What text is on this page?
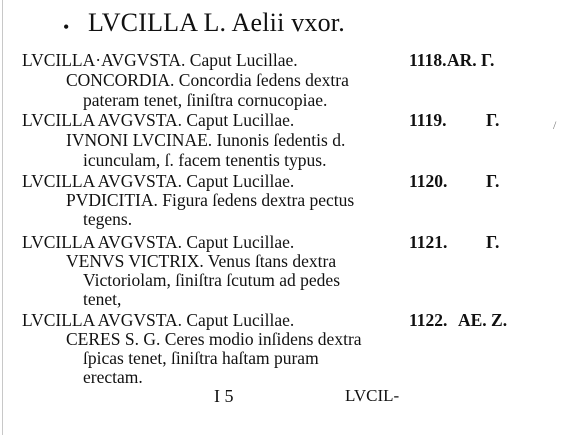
• LVCILLA L. Aelii vxor.
LVCILLA·AVGVSTA. Caput Lucillae.	1118. AR. Γ.
CONCORDIA. Concordia ſedens dextra
pateram tenet, ſiniſtra cornucopiae.
LVCILLA AVGVSTA. Caput Lucillae.	1119. Γ.
IVNONI LVCINAE. Iunonis ſedentis d.
icunculam, ſ. facem tenentis typus.
LVCILLA AVGVSTA. Caput Lucillae.	1120. Γ.
PVDICITIA. Figura ſedens dextra pectus
tegens.
LVCILLA AVGVSTA. Caput Lucillae.	1121. Γ.
VENVS VICTRIX. Venus ſtans dextra
Victoriolam, ſiniſtra ſcutum ad pedes
tenet,
LVCILLA AVGVSTA. Caput Lucillae.	1122. AE. Z.
CERES S. G. Ceres modio inſidens dextra
ſpicas tenet, ſiniſtra haſtam puram
erectam.
I 5	LVCIL-
/
